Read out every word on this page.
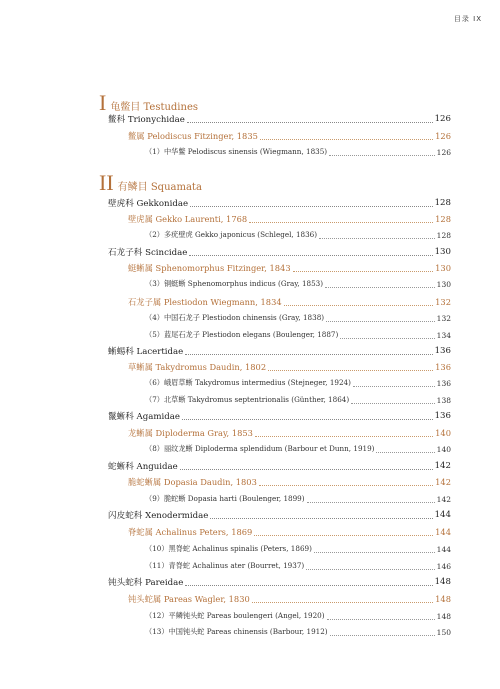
目录 IX
I 龟鳖目 Testudines
II 有鳞目 Squamata
鳖科 Trionychidae	126
鳖属 Pelodiscus Fitzinger, 1835	126
（1）中华鳖 Pelodiscus sinensis (Wiegmann, 1835)	126
壁虎科 Gekkonidae	128
壁虎属 Gekko Laurenti, 1768	128
（2）多疣壁虎 Gekko japonicus (Schlegel, 1836)	128
石龙子科 Scincidae	130
蜓蜥属 Sphenomorphus Fitzinger, 1843	130
（3）铜蜓蜥 Sphenomorphus indicus (Gray, 1853)	130
石龙子属 Plestiodon Wiegmann, 1834	132
（4）中国石龙子 Plestiodon chinensis (Gray, 1838)	132
（5）蓝尾石龙子 Plestiodon elegans (Boulenger, 1887)	134
蜥蜴科 Lacertidae	136
草蜥属 Takydromus Daudin, 1802	136
（6）峨眉草蜥 Takydromus intermedius (Stejneger, 1924)	136
（7）北草蜥 Takydromus septentrionalis (Günther, 1864)	138
鬣蜥科 Agamidae	136
龙蜥属 Diploderma Gray, 1853	140
（8）丽纹龙蜥 Diploderma splendidum (Barbour et Dunn, 1919)	140
蛇蜥科 Anguidae	142
脆蛇蜥属 Dopasia Daudin, 1803	142
（9）脆蛇蜥 Dopasia harti (Boulenger, 1899)	142
闪皮蛇科 Xenodermidae	144
脊蛇属 Achalinus Peters, 1869	144
（10）黑脊蛇 Achalinus spinalis (Peters, 1869)	144
（11）青脊蛇 Achalinus ater (Bourret, 1937)	146
钝头蛇科 Pareidae	148
钝头蛇属 Pareas Wagler, 1830	148
（12）平鳞钝头蛇 Pareas boulengeri (Angel, 1920)	148
（13）中国钝头蛇 Pareas chinensis (Barbour, 1912)	150
